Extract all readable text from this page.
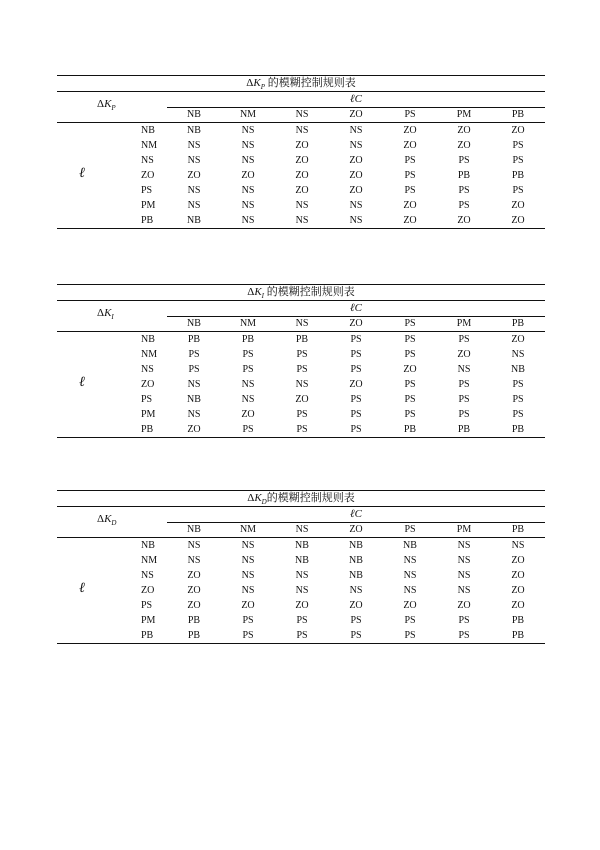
$\Delta K_P$ 的模糊控制规则表
$\Delta K_P$
ℓC
NB	NM	NS	ZO	PS	PM	PB
ℓ
NB	NB	NS	NS	NS	ZO	ZO	ZO
NM	NS	NS	ZO	NS	ZO	ZO	PS
NS	NS	NS	ZO	ZO	PS	PS	PS
ZO	ZO	ZO	ZO	ZO	PS	PB	PB
PS	NS	NS	ZO	ZO	PS	PS	PS
PM	NS	NS	NS	NS	ZO	PS	ZO
PB	NB	NS	NS	NS	ZO	ZO	ZO
$\Delta K_I$ 的模糊控制规则表
$\Delta K_I$
ℓC
NB	NM	NS	ZO	PS	PM	PB
ℓ
NB	PB	PB	PB	PS	PS	PS	ZO
NM	PS	PS	PS	PS	PS	ZO	NS
NS	PS	PS	PS	PS	ZO	NS	NB
ZO	NS	NS	NS	ZO	PS	PS	PS
PS	NB	NS	ZO	PS	PS	PS	PS
PM	NS	ZO	PS	PS	PS	PS	PS
PB	ZO	PS	PS	PS	PB	PB	PB
$\Delta K_D$的模糊控制规则表
$\Delta K_D$
ℓC
NB	NM	NS	ZO	PS	PM	PB
ℓ
NB	NS	NS	NB	NB	NB	NS	NS
NM	NS	NS	NB	NB	NS	NS	ZO
NS	ZO	NS	NS	NB	NS	NS	ZO
ZO	ZO	NS	NS	NS	NS	NS	ZO
PS	ZO	ZO	ZO	ZO	ZO	ZO	ZO
PM	PB	PS	PS	PS	PS	PS	PB
PB	PB	PS	PS	PS	PS	PS	PB
